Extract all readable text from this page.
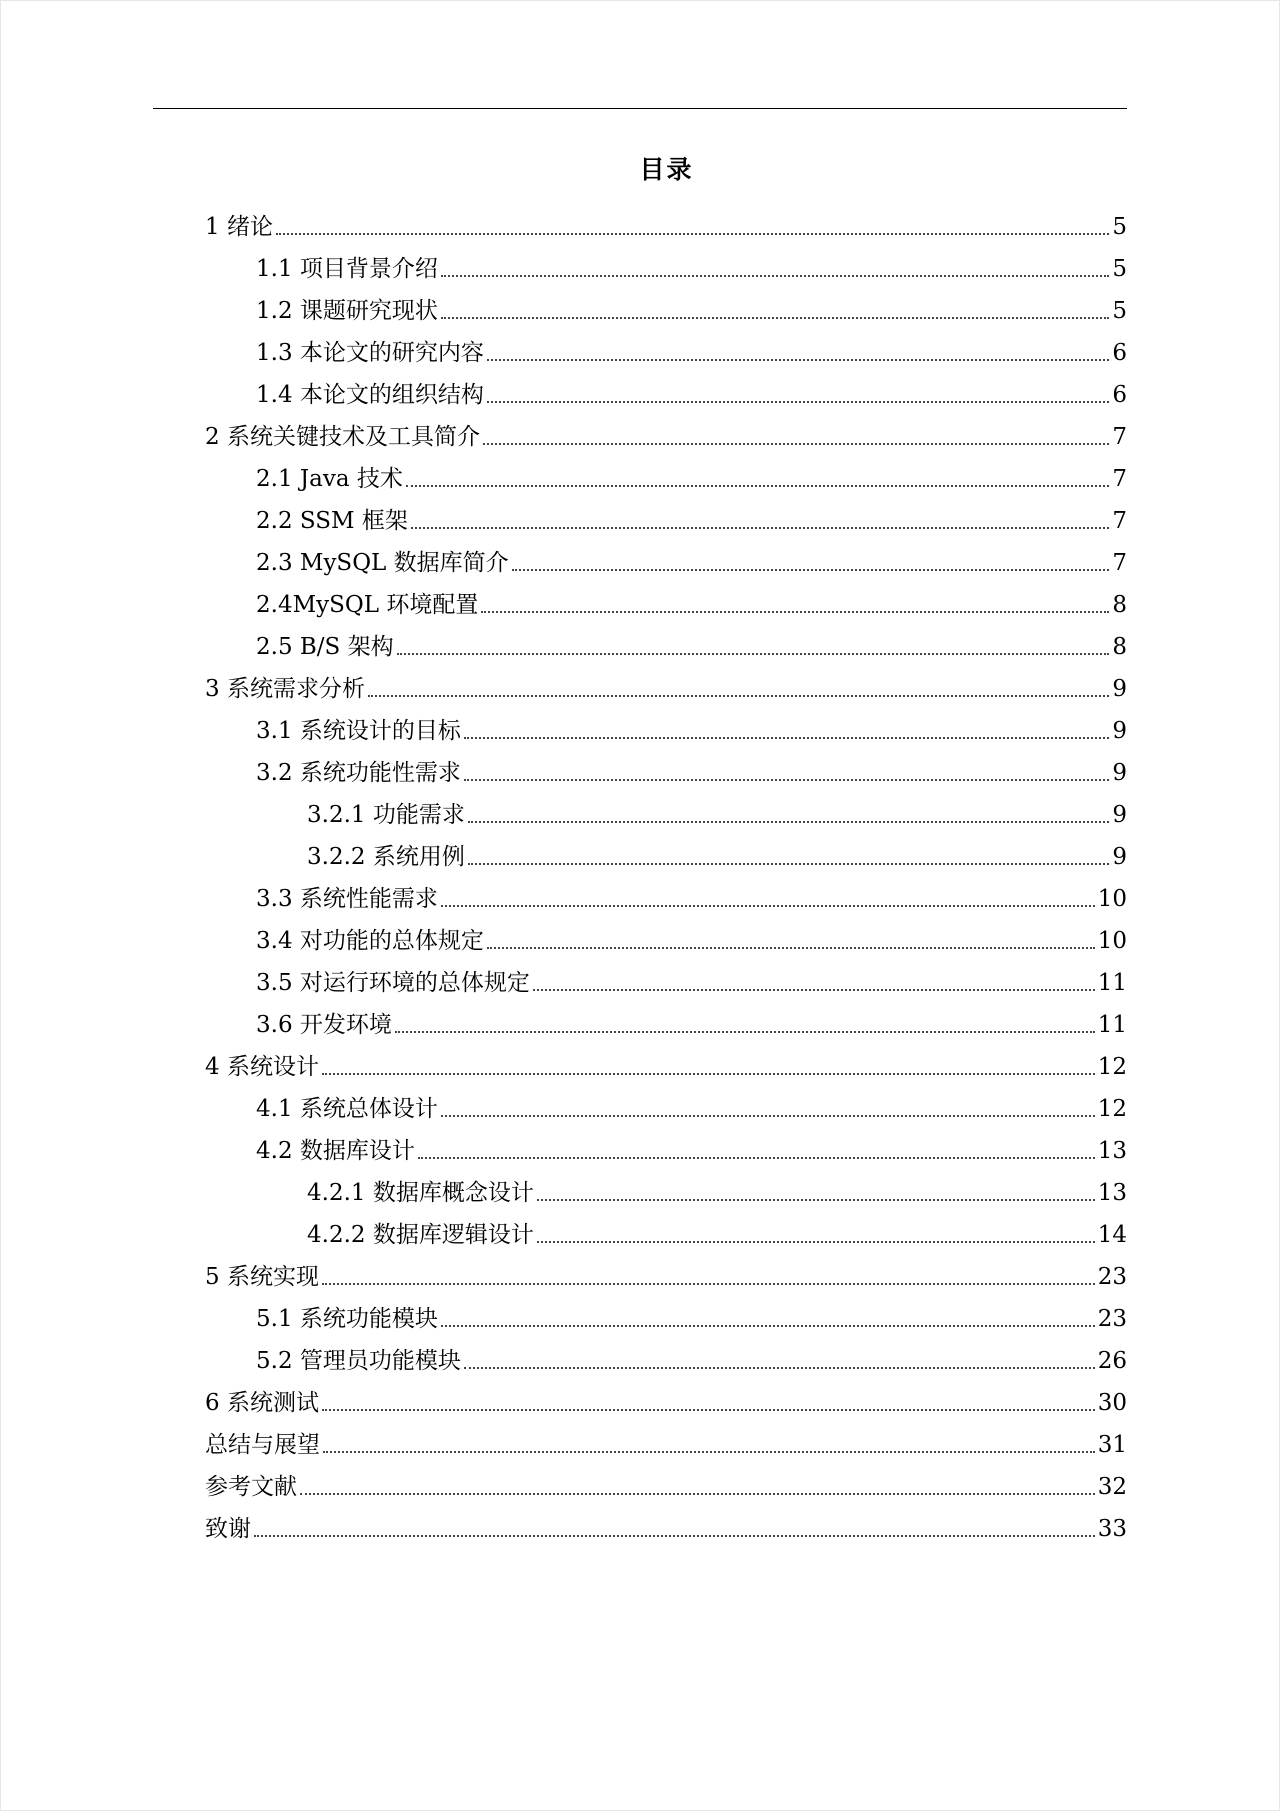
目录
1 绪论	5
1.1 项目背景介绍	5
1.2 课题研究现状	5
1.3 本论文的研究内容	6
1.4 本论文的组织结构	6
2 系统关键技术及工具简介	7
2.1 Java 技术	7
2.2 SSM 框架	7
2.3 MySQL 数据库简介	7
2.4MySQL 环境配置	8
2.5 B/S 架构	8
3 系统需求分析	9
3.1 系统设计的目标	9
3.2 系统功能性需求	9
3.2.1 功能需求	9
3.2.2 系统用例	9
3.3 系统性能需求	10
3.4 对功能的总体规定	10
3.5 对运行环境的总体规定	11
3.6 开发环境	11
4 系统设计	12
4.1 系统总体设计	12
4.2 数据库设计	13
4.2.1 数据库概念设计	13
4.2.2 数据库逻辑设计	14
5 系统实现	23
5.1 系统功能模块	23
5.2 管理员功能模块	26
6 系统测试	30
总结与展望	31
参考文献	32
致谢	33
